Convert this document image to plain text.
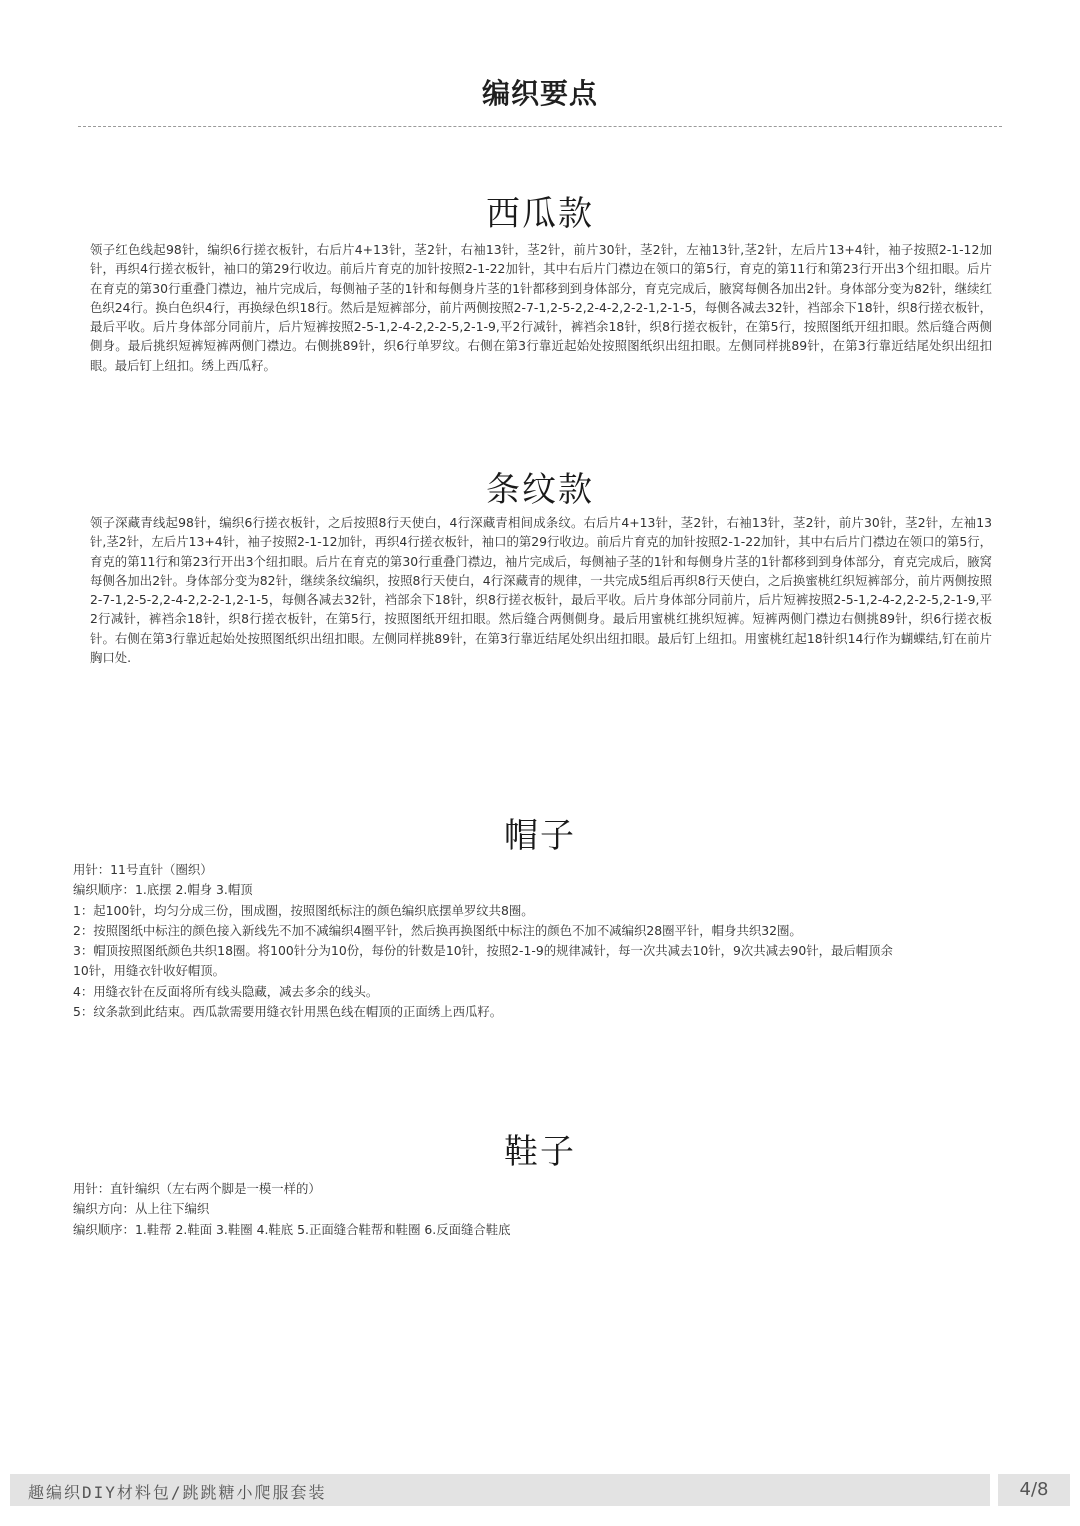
编织要点
西瓜款
领子红色线起98针，编织6行搓衣板针，右后片4+13针，茎2针，右袖13针，茎2针，前片30针，茎2针，左袖13针,茎2针，左后片13+4针，袖子按照2-1-12加针，再织4行搓衣板针，袖口的第29行收边。前后片育克的加针按照2-1-22加针，其中右后片门襟边在领口的第5行，育克的第11行和第23行开出3个纽扣眼。后片在育克的第30行重叠门襟边，袖片完成后，每侧袖子茎的1针和每侧身片茎的1针都移到到身体部分，育克完成后，腋窝每侧各加出2针。身体部分变为82针，继续红色织24行。换白色织4行，再换绿色织18行。然后是短裤部分，前片两侧按照2-7-1,2-5-2,2-4-2,2-2-1,2-1-5，每侧各减去32针，裆部余下18针，织8行搓衣板针，最后平收。后片身体部分同前片，后片短裤按照2-5-1,2-4-2,2-2-5,2-1-9,平2行减针，裤裆余18针，织8行搓衣板针，在第5行，按照图纸开纽扣眼。然后缝合两侧側身。最后挑织短裤短裤两侧门襟边。右侧挑89针，织6行单罗纹。右侧在第3行靠近起始处按照图纸织出纽扣眼。左侧同样挑89针，在第3行靠近结尾处织出纽扣眼。最后钉上纽扣。绣上西瓜籽。
条纹款
领子深藏青线起98针，编织6行搓衣板针，之后按照8行天使白，4行深藏青相间成条纹。右后片4+13针，茎2针，右袖13针，茎2针，前片30针，茎2针，左袖13针,茎2针，左后片13+4针，袖子按照2-1-12加针，再织4行搓衣板针，袖口的第29行收边。前后片育克的加针按照2-1-22加针，其中右后片门襟边在领口的第5行，育克的第11行和第23行开出3个纽扣眼。后片在育克的第30行重叠门襟边，袖片完成后，每侧袖子茎的1针和每侧身片茎的1针都移到到身体部分，育克完成后，腋窝每侧各加出2针。身体部分变为82针，继续条纹编织，按照8行天使白，4行深藏青的规律，一共完成5组后再织8行天使白，之后换蜜桃红织短裤部分，前片两侧按照2-7-1,2-5-2,2-4-2,2-2-1,2-1-5，每侧各减去32针，裆部余下18针，织8行搓衣板针，最后平收。后片身体部分同前片，后片短裤按照2-5-1,2-4-2,2-2-5,2-1-9,平2行减针，裤裆余18针，织8行搓衣板针，在第5行，按照图纸开纽扣眼。然后缝合两侧側身。最后用蜜桃红挑织短裤。短裤两侧门襟边右侧挑89针，织6行搓衣板针。右侧在第3行靠近起始处按照图纸织出纽扣眼。左侧同样挑89针，在第3行靠近结尾处织出纽扣眼。最后钉上纽扣。用蜜桃红起18针织14行作为蝴蝶结,钉在前片胸口处.
帽子
用针：11号直针（圈织）
编织顺序：1.底摆 2.帽身 3.帽顶
1：起100针，均匀分成三份，围成圈，按照图纸标注的颜色编织底摆单罗纹共8圈。
2：按照图纸中标注的颜色接入新线先不加不减编织4圈平针，然后换再换图纸中标注的颜色不加不减编织28圈平针，帽身共织32圈。
3：帽顶按照图纸颜色共织18圈。将100针分为10份，每份的针数是10针，按照2-1-9的规律减针，每一次共减去10针，9次共减去90针，最后帽顶余
10针，用缝衣针收好帽顶。
4：用缝衣针在反面将所有线头隐藏，减去多余的线头。
5：纹条款到此结束。西瓜款需要用缝衣针用黑色线在帽顶的正面绣上西瓜籽。
鞋子
用针：直针编织（左右两个脚是一模一样的）
编织方向：从上往下编织
编织顺序：1.鞋帮 2.鞋面 3.鞋圈 4.鞋底 5.正面缝合鞋帮和鞋圈 6.反面缝合鞋底
趣编织DIY材料包/跳跳糖小爬服套装	4/8
